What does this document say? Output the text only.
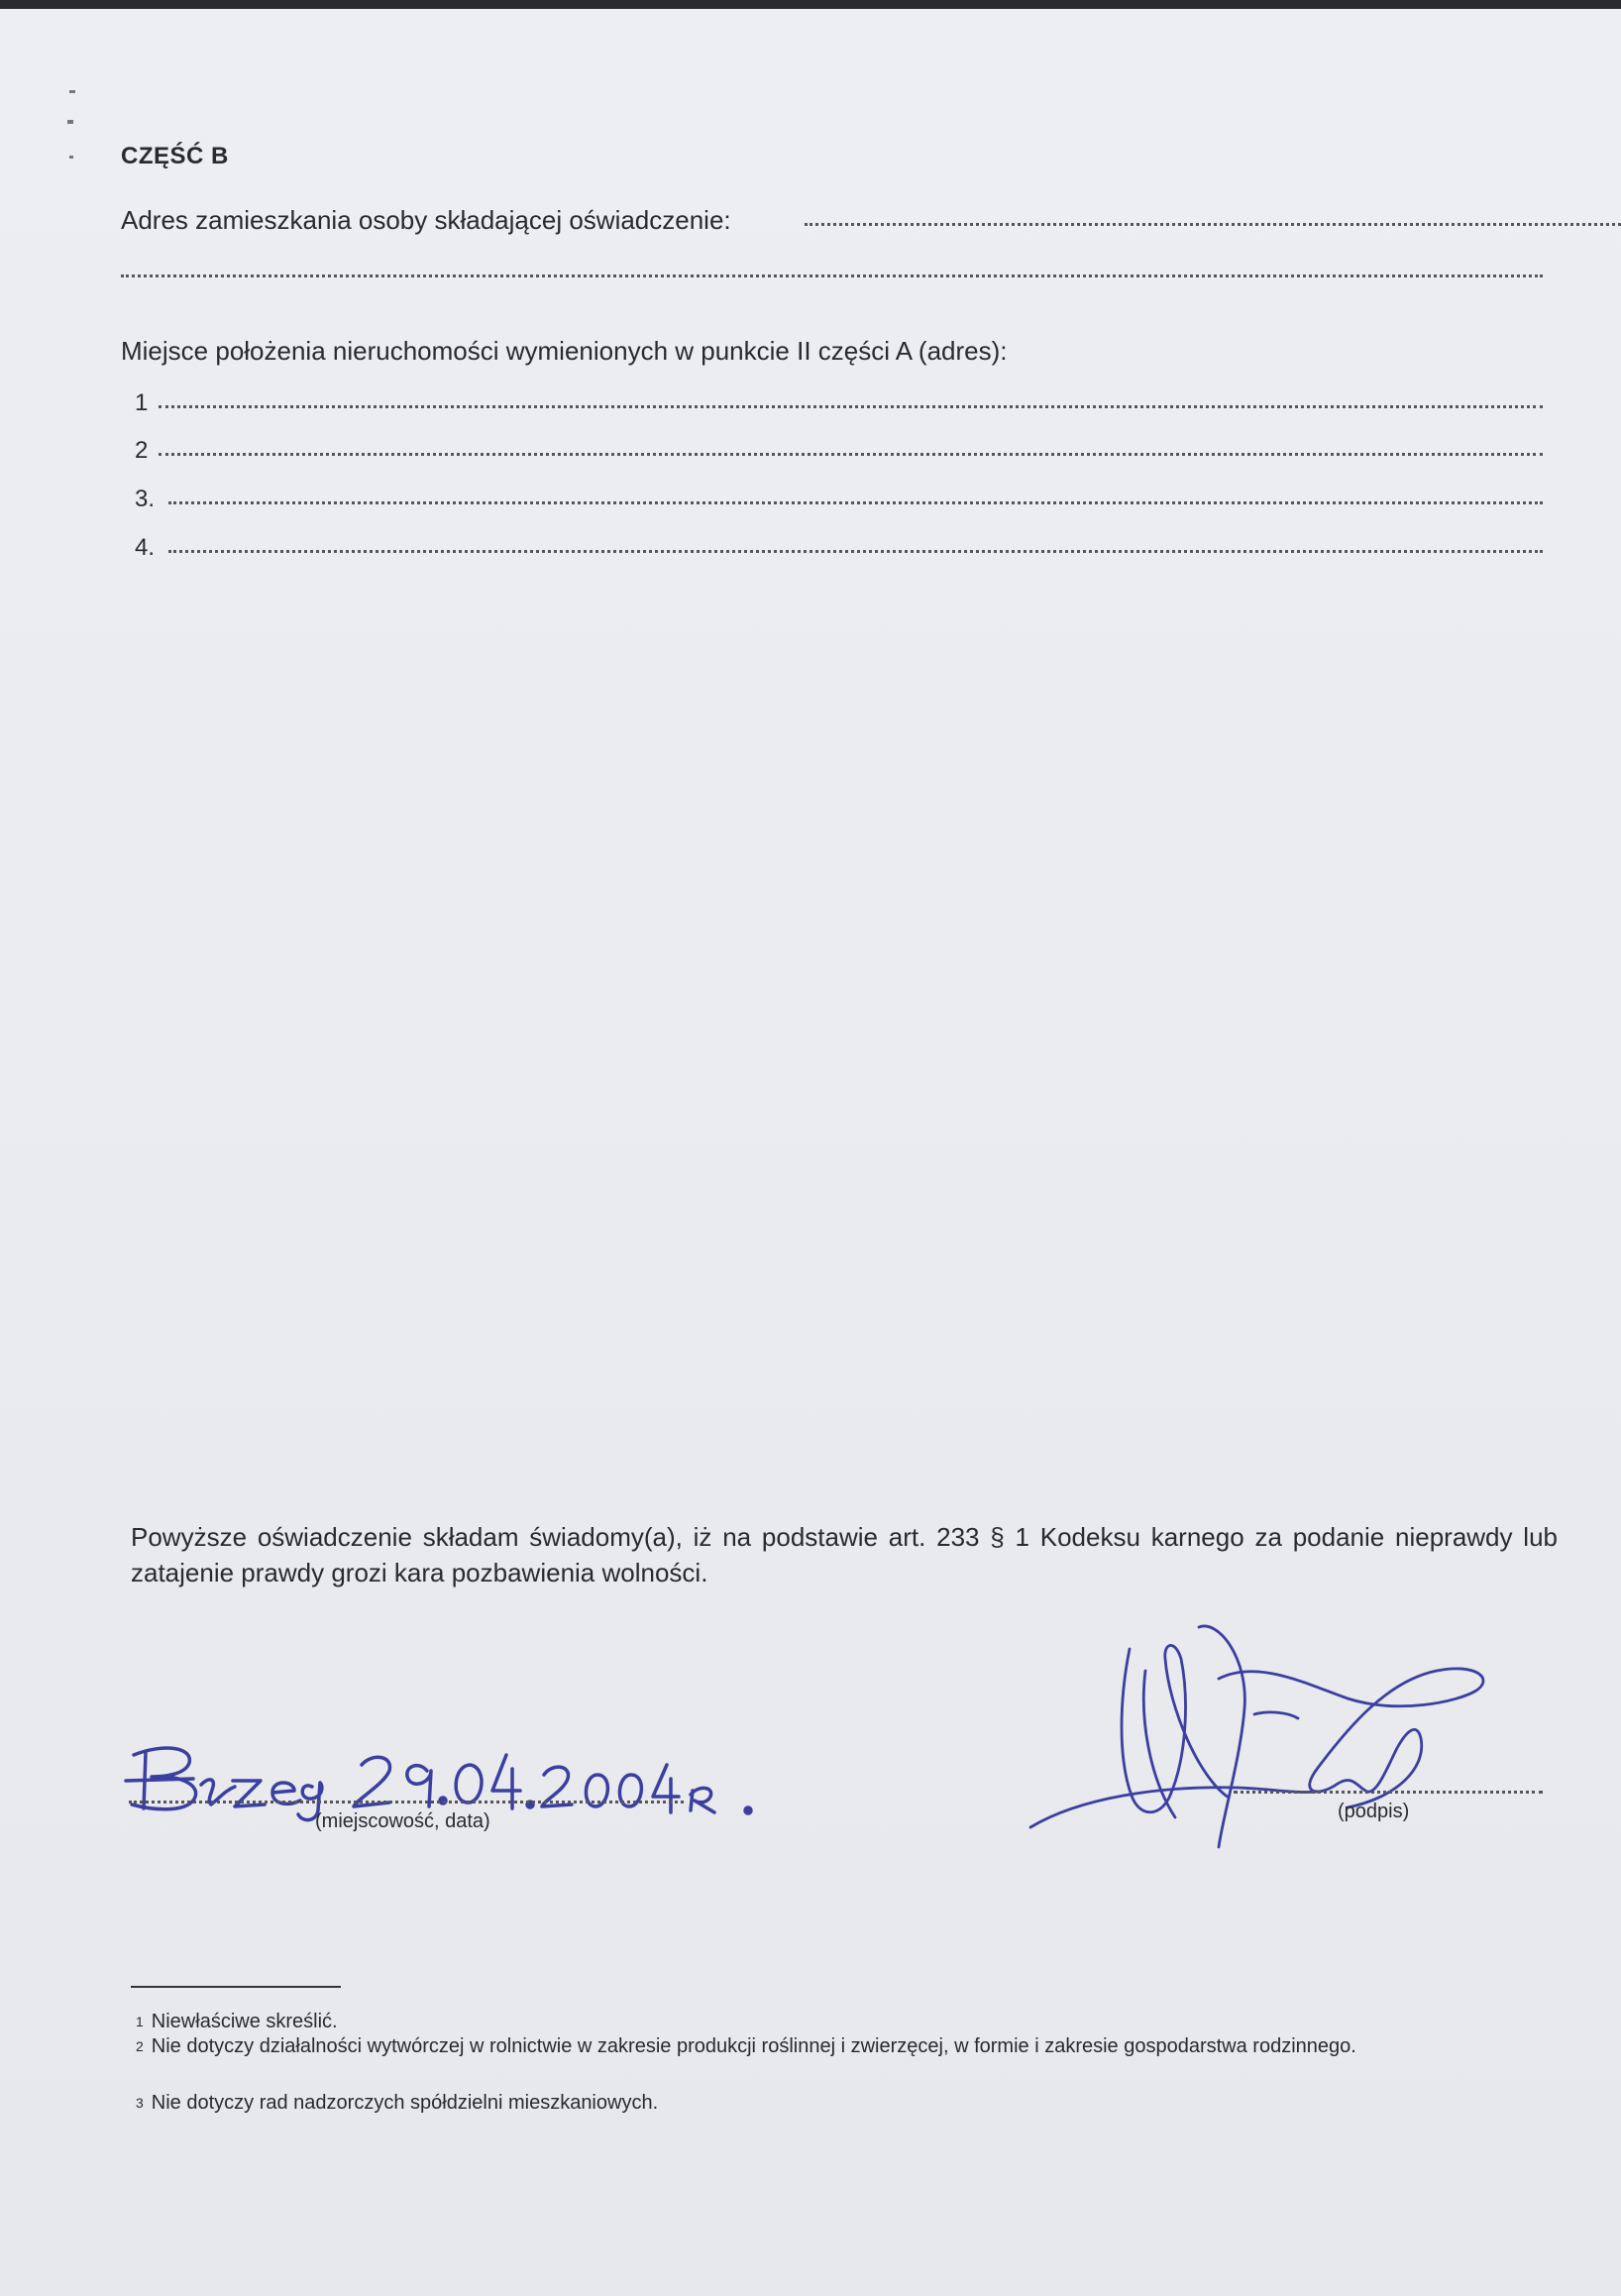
CZĘŚĆ B
Adres zamieszkania osoby składającej oświadczenie:
Miejsce położenia nieruchomości wymienionych w punkcie II części A (adres):
1
2
3.
4.
Powyższe oświadczenie składam świadomy(a), iż na podstawie art. 233 § 1 Kodeksu karnego za podanie nieprawdy lub zatajenie prawdy grozi kara pozbawienia wolności.
(miejscowość, data)	(podpis)
$^1$ Niewłaściwe skreślić.
2 Nie dotyczy działalności wytwórczej w rolnictwie w zakresie produkcji roślinnej i zwierzęcej, w formie i zakresie gospodarstwa rodzinnego.
$^3$ Nie dotyczy rad nadzorczych spółdzielni mieszkaniowych.
